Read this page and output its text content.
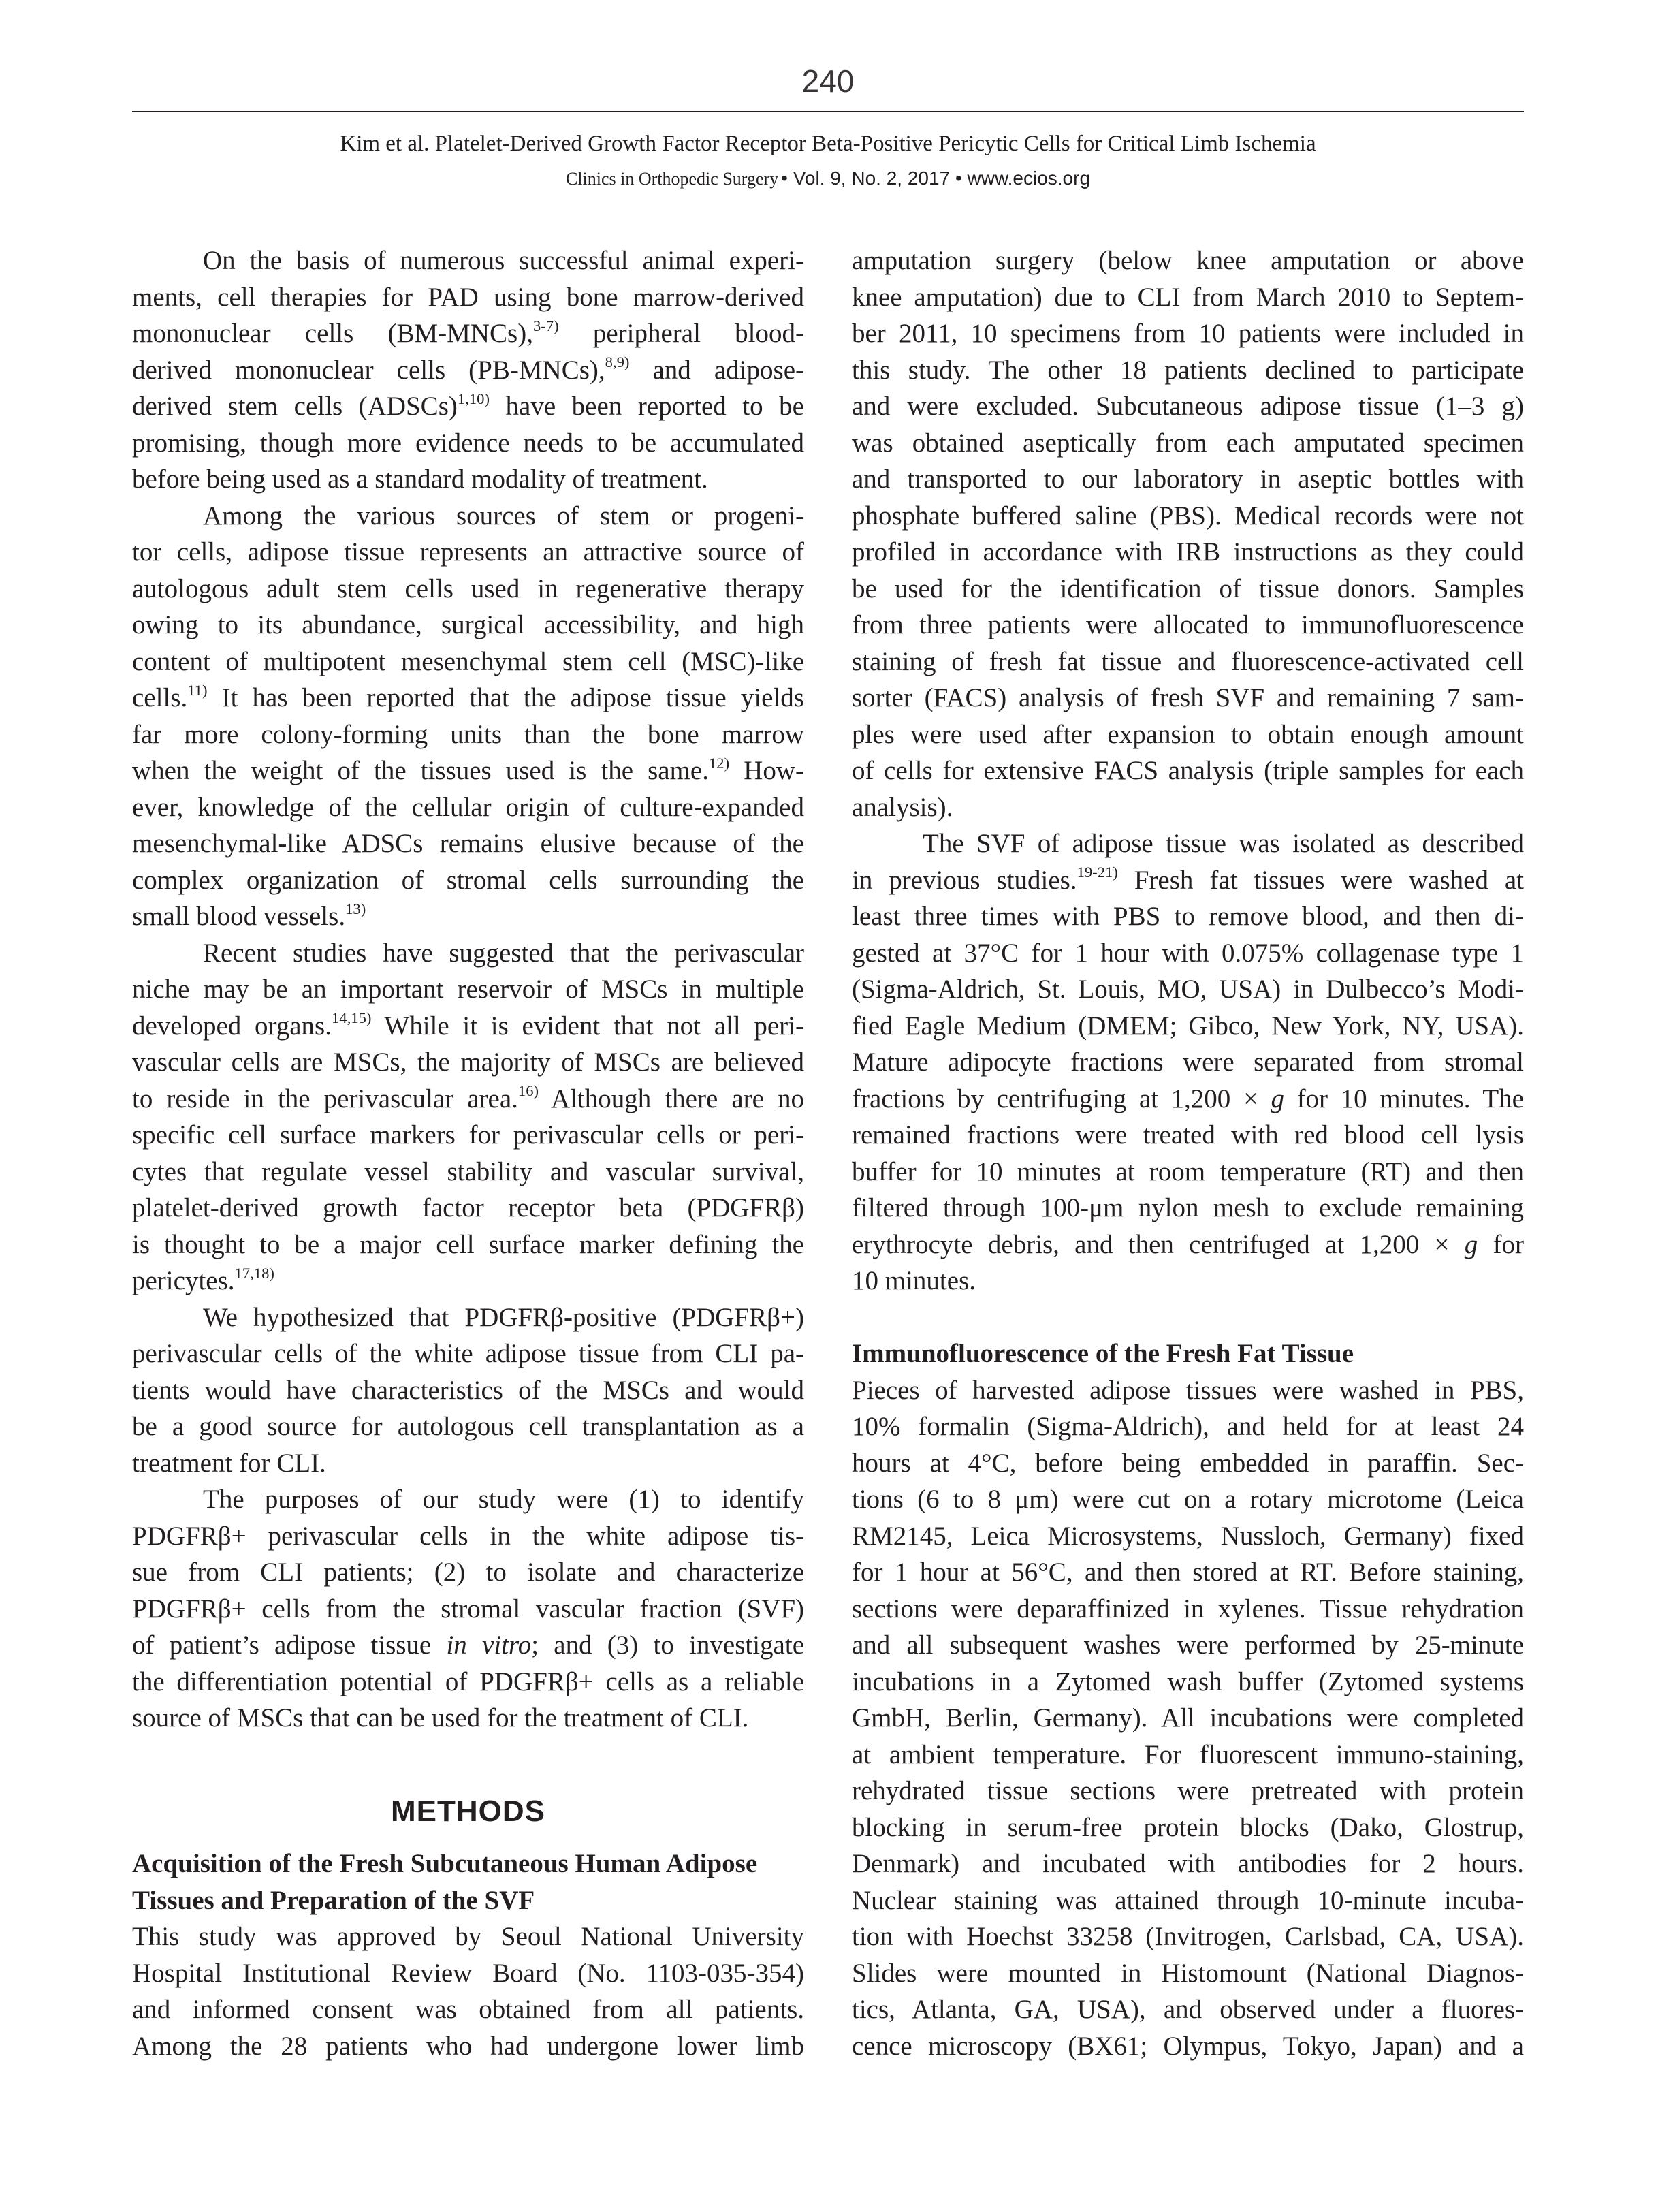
240
Kim et al. Platelet-Derived Growth Factor Receptor Beta-Positive Pericytic Cells for Critical Limb Ischemia
Clinics in Orthopedic Surgery • Vol. 9, No. 2, 2017 • www.ecios.org
On the basis of numerous successful animal experi-
ments, cell therapies for PAD using bone marrow-derived
mononuclear cells (BM-MNCs),$^{3-7)}$ peripheral blood-
derived mononuclear cells (PB-MNCs),$^{8,9)}$ and adipose-
derived stem cells (ADSCs)$^{1,10)}$ have been reported to be
promising, though more evidence needs to be accumulated
before being used as a standard modality of treatment.
Among the various sources of stem or progeni-
tor cells, adipose tissue represents an attractive source of
autologous adult stem cells used in regenerative therapy
owing to its abundance, surgical accessibility, and high
content of multipotent mesenchymal stem cell (MSC)-like
cells.$^{11)}$ It has been reported that the adipose tissue yields
far more colony-forming units than the bone marrow
when the weight of the tissues used is the same.$^{12)}$ How-
ever, knowledge of the cellular origin of culture-expanded
mesenchymal-like ADSCs remains elusive because of the
complex organization of stromal cells surrounding the
small blood vessels.$^{13)}$
Recent studies have suggested that the perivascular
niche may be an important reservoir of MSCs in multiple
developed organs.$^{14,15)}$ While it is evident that not all peri-
vascular cells are MSCs, the majority of MSCs are believed
to reside in the perivascular area.$^{16)}$ Although there are no
specific cell surface markers for perivascular cells or peri-
cytes that regulate vessel stability and vascular survival,
platelet-derived growth factor receptor beta (PDGFRβ)
is thought to be a major cell surface marker defining the
pericytes.$^{17,18)}$
We hypothesized that PDGFRβ-positive (PDGFRβ+)
perivascular cells of the white adipose tissue from CLI pa-
tients would have characteristics of the MSCs and would
be a good source for autologous cell transplantation as a
treatment for CLI.
The purposes of our study were (1) to identify
PDGFRβ+ perivascular cells in the white adipose tis-
sue from CLI patients; (2) to isolate and characterize
PDGFRβ+ cells from the stromal vascular fraction (SVF)
of patient’s adipose tissue in vitro; and (3) to investigate
the differentiation potential of PDGFRβ+ cells as a reliable
source of MSCs that can be used for the treatment of CLI.
METHODS
Acquisition of the Fresh Subcutaneous Human Adipose
Tissues and Preparation of the SVF
This study was approved by Seoul National University
Hospital Institutional Review Board (No. 1103-035-354)
and informed consent was obtained from all patients.
Among the 28 patients who had undergone lower limb
amputation surgery (below knee amputation or above
knee amputation) due to CLI from March 2010 to Septem-
ber 2011, 10 specimens from 10 patients were included in
this study. The other 18 patients declined to participate
and were excluded. Subcutaneous adipose tissue (1–3 g)
was obtained aseptically from each amputated specimen
and transported to our laboratory in aseptic bottles with
phosphate buffered saline (PBS). Medical records were not
profiled in accordance with IRB instructions as they could
be used for the identification of tissue donors. Samples
from three patients were allocated to immunofluorescence
staining of fresh fat tissue and fluorescence-activated cell
sorter (FACS) analysis of fresh SVF and remaining 7 sam-
ples were used after expansion to obtain enough amount
of cells for extensive FACS analysis (triple samples for each
analysis).
The SVF of adipose tissue was isolated as described
in previous studies.$^{19-21)}$ Fresh fat tissues were washed at
least three times with PBS to remove blood, and then di-
gested at 37°C for 1 hour with 0.075% collagenase type 1
(Sigma-Aldrich, St. Louis, MO, USA) in Dulbecco’s Modi-
fied Eagle Medium (DMEM; Gibco, New York, NY, USA).
Mature adipocyte fractions were separated from stromal
fractions by centrifuging at 1,200 × g for 10 minutes. The
remained fractions were treated with red blood cell lysis
buffer for 10 minutes at room temperature (RT) and then
filtered through 100-μm nylon mesh to exclude remaining
erythrocyte debris, and then centrifuged at 1,200 × g for
10 minutes.
Immunofluorescence of the Fresh Fat Tissue
Pieces of harvested adipose tissues were washed in PBS,
10% formalin (Sigma-Aldrich), and held for at least 24
hours at 4°C, before being embedded in paraffin. Sec-
tions (6 to 8 μm) were cut on a rotary microtome (Leica
RM2145, Leica Microsystems, Nussloch, Germany) fixed
for 1 hour at 56°C, and then stored at RT. Before staining,
sections were deparaffinized in xylenes. Tissue rehydration
and all subsequent washes were performed by 25-minute
incubations in a Zytomed wash buffer (Zytomed systems
GmbH, Berlin, Germany). All incubations were completed
at ambient temperature. For fluorescent immuno-staining,
rehydrated tissue sections were pretreated with protein
blocking in serum-free protein blocks (Dako, Glostrup,
Denmark) and incubated with antibodies for 2 hours.
Nuclear staining was attained through 10-minute incuba-
tion with Hoechst 33258 (Invitrogen, Carlsbad, CA, USA).
Slides were mounted in Histomount (National Diagnos-
tics, Atlanta, GA, USA), and observed under a fluores-
cence microscopy (BX61; Olympus, Tokyo, Japan) and a
